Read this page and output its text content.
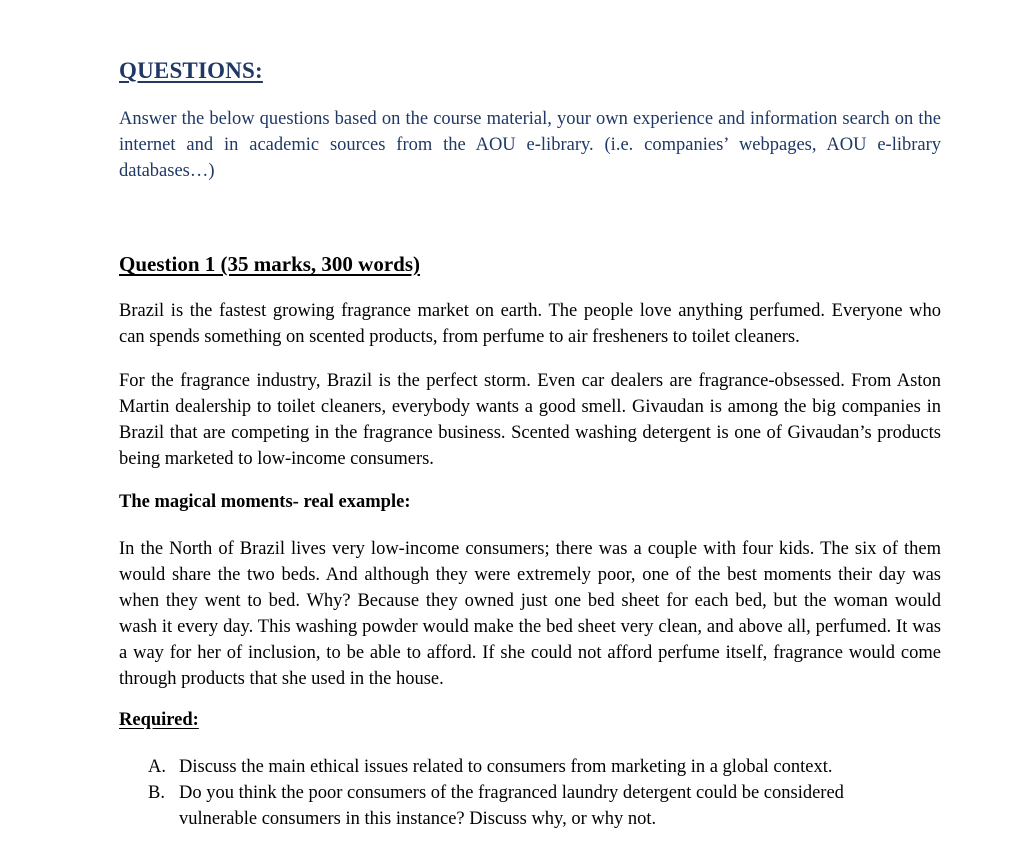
QUESTIONS:

Answer the below questions based on the course material, your own experience and information search on the internet and in academic sources from the AOU e-library. (i.e. companies’ webpages, AOU e-library databases…)

Question 1 (35 marks, 300 words)

Brazil is the fastest growing fragrance market on earth. The people love anything perfumed. Everyone who can spends something on scented products, from perfume to air fresheners to toilet cleaners.

For the fragrance industry, Brazil is the perfect storm. Even car dealers are fragrance-obsessed. From Aston Martin dealership to toilet cleaners, everybody wants a good smell. Givaudan is among the big companies in Brazil that are competing in the fragrance business. Scented washing detergent is one of Givaudan’s products being marketed to low-income consumers.

The magical moments- real example:

In the North of Brazil lives very low-income consumers; there was a couple with four kids. The six of them would share the two beds. And although they were extremely poor, one of the best moments their day was when they went to bed. Why? Because they owned just one bed sheet for each bed, but the woman would wash it every day. This washing powder would make the bed sheet very clean, and above all, perfumed. It was a way for her of inclusion, to be able to afford. If she could not afford perfume itself, fragrance would come through products that she used in the house.

Required:

A. Discuss the main ethical issues related to consumers from marketing in a global context.
B. Do you think the poor consumers of the fragranced laundry detergent could be considered vulnerable consumers in this instance? Discuss why, or why not.
